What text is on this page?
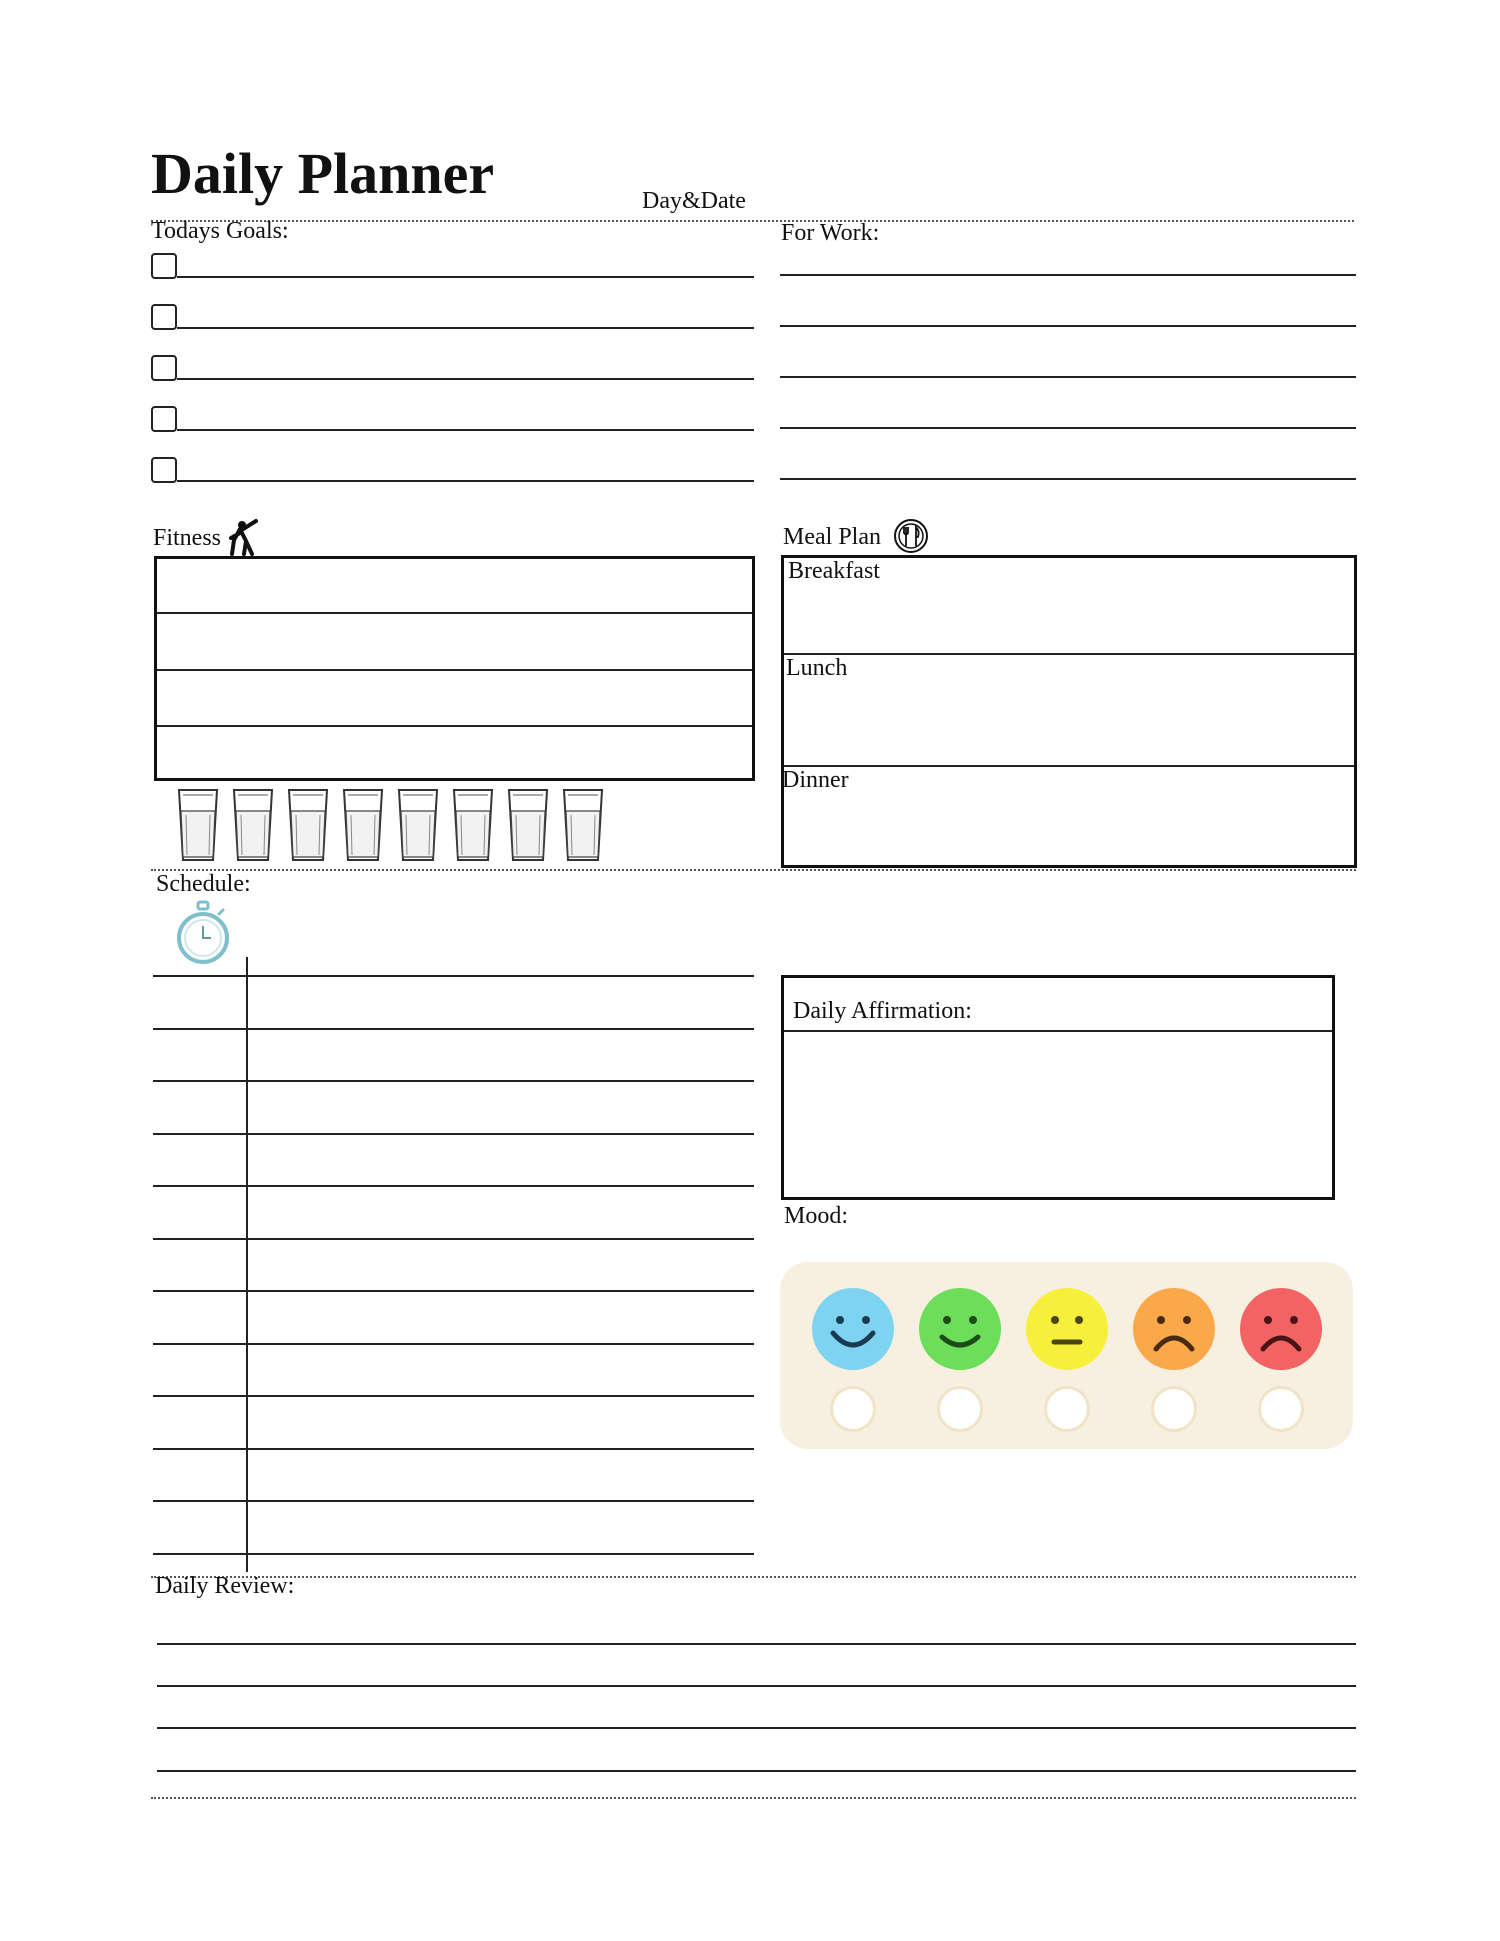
Daily Planner	Day&Date
Todays Goals:	For Work:
Fitness	Meal Plan
Breakfast
Lunch
Dinner
Schedule:
Daily Affirmation:
Mood:
Daily Review:
